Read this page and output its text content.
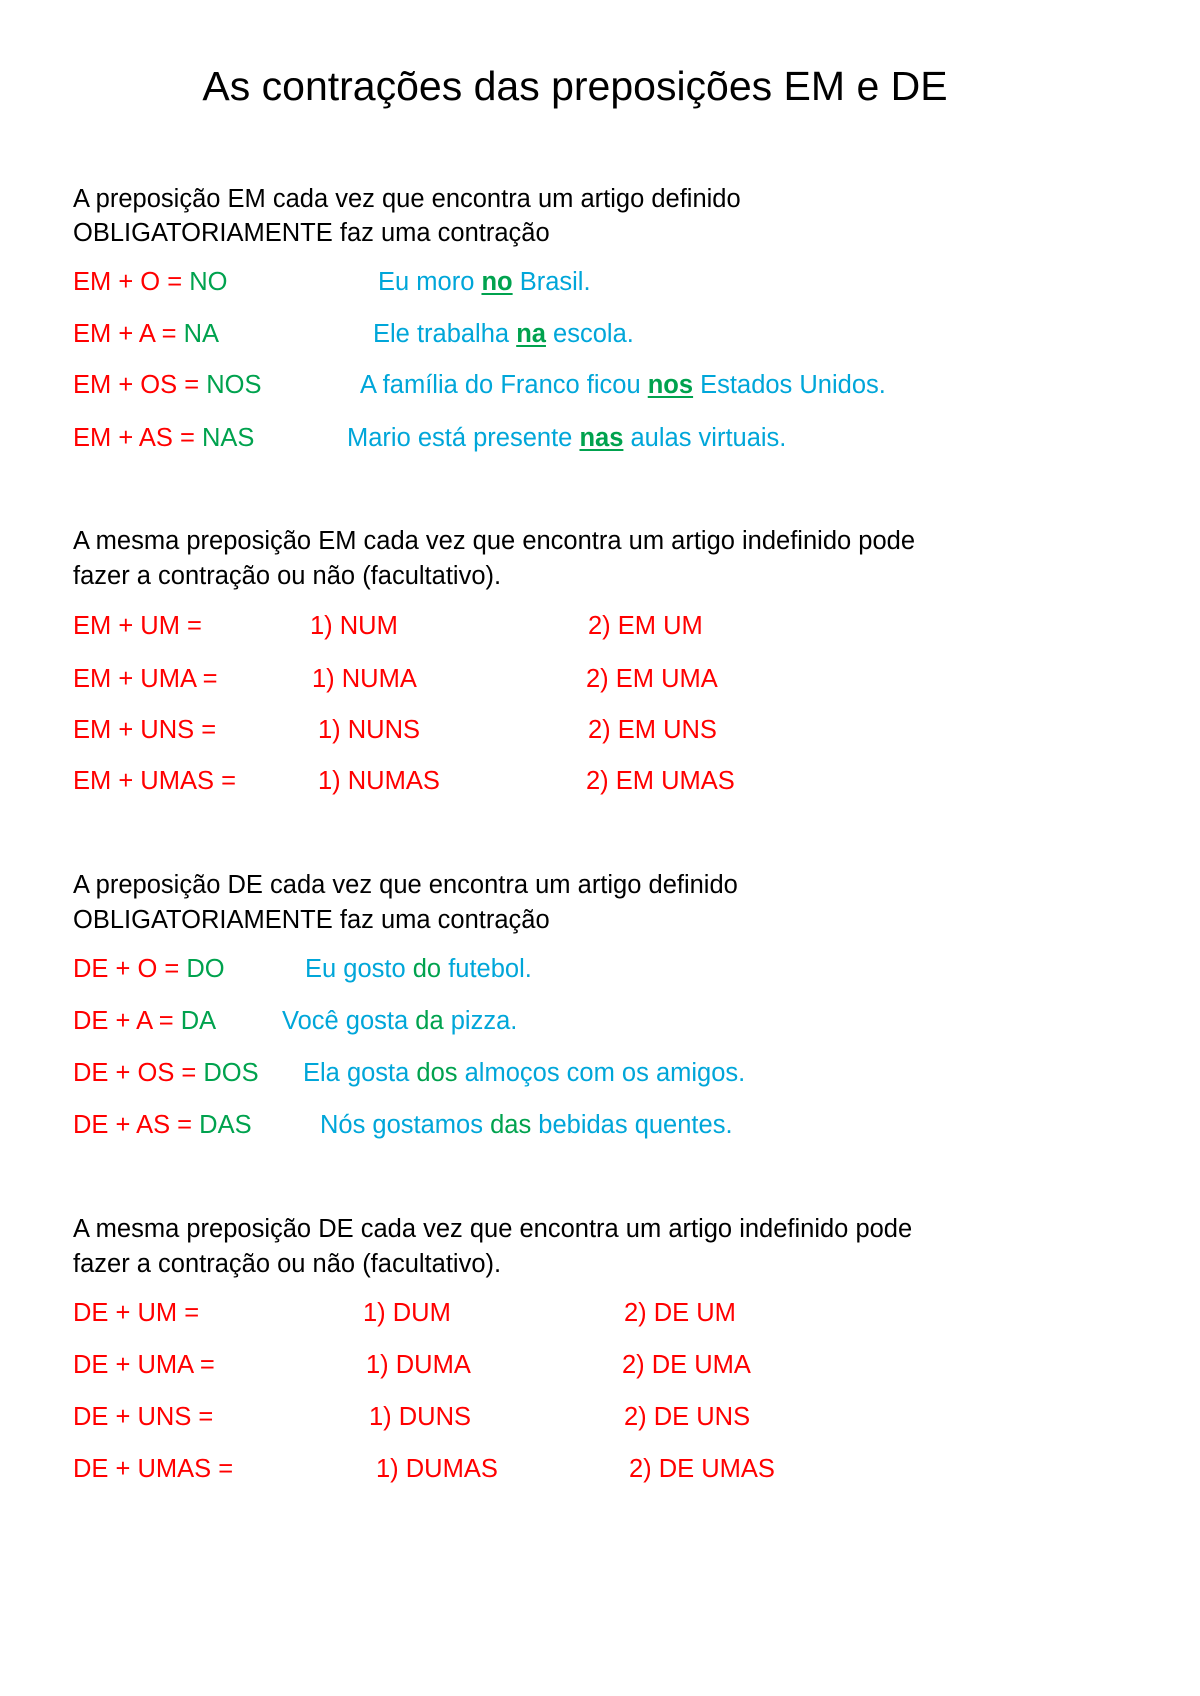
As contrações das preposições EM e DE
A preposição EM cada vez que encontra um artigo definido
OBLIGATORIAMENTE faz uma contração
EM + O = NO	Eu moro no Brasil.
EM + A = NA	Ele trabalha na escola.
EM + OS = NOS	A família do Franco ficou nos Estados Unidos.
EM + AS = NAS	Mario está presente nas aulas virtuais.
A mesma preposição EM cada vez que encontra um artigo indefinido pode
fazer a contração ou não (facultativo).
EM + UM =	1) NUM	2) EM UM
EM + UMA =	1) NUMA	2) EM UMA
EM + UNS =	1) NUNS	2) EM UNS
EM + UMAS =	1) NUMAS	2) EM UMAS
A preposição DE cada vez que encontra um artigo definido
OBLIGATORIAMENTE faz uma contração
DE + O = DO	Eu gosto do futebol.
DE + A = DA	Você gosta da pizza.
DE + OS = DOS Ela gosta dos almoços com os amigos.
DE + AS = DAS	Nós gostamos das bebidas quentes.
A mesma preposição DE cada vez que encontra um artigo indefinido pode
fazer a contração ou não (facultativo).
DE + UM =	1) DUM	2) DE UM
DE + UMA =	1) DUMA	2) DE UMA
DE + UNS =	1) DUNS	2) DE UNS
DE + UMAS =	1) DUMAS	2) DE UMAS
